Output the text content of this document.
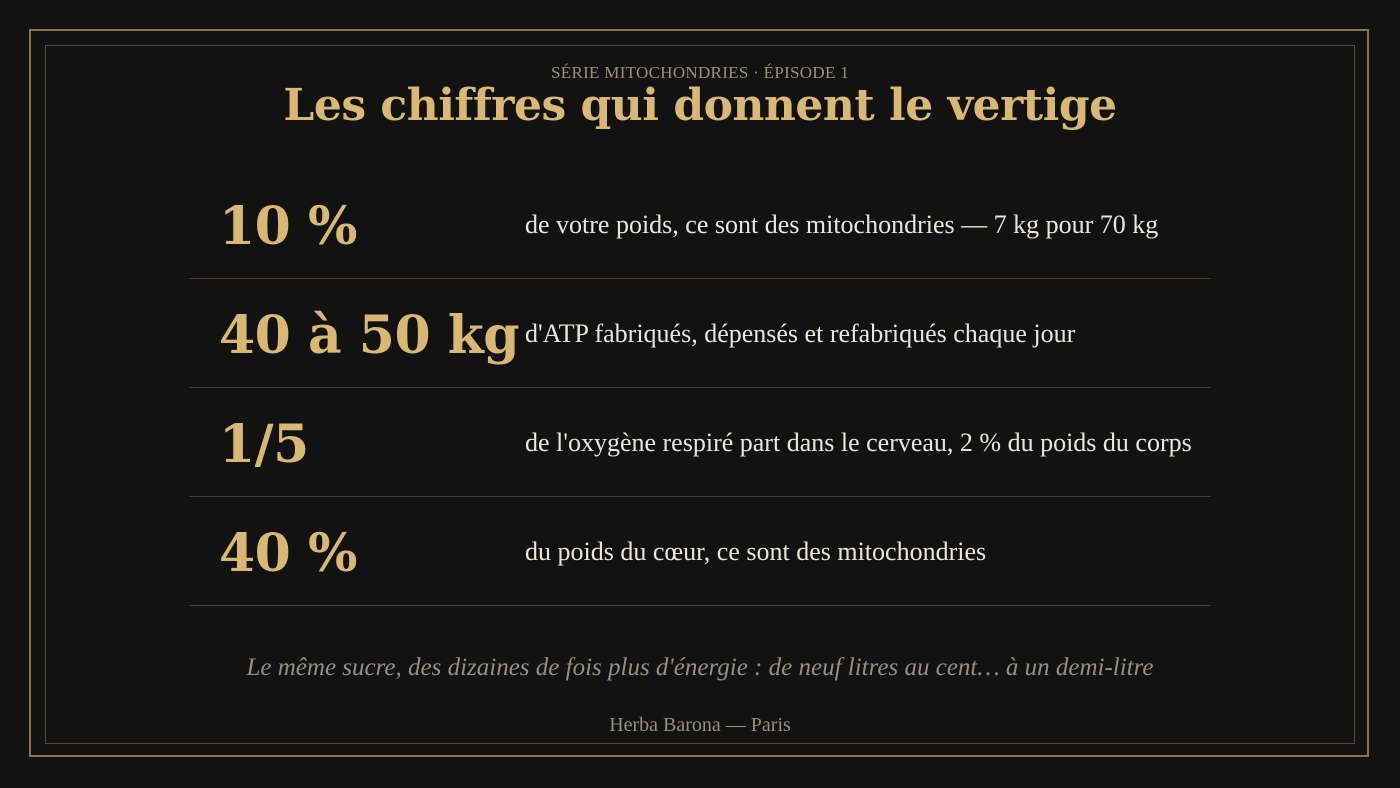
SÉRIE MITOCHONDRIES · ÉPISODE 1
Les chiffres qui donnent le vertige
10 %	de votre poids, ce sont des mitochondries — 7 kg pour 70 kg
40 à 50 kg d'ATP fabriqués, dépensés et refabriqués chaque jour
1/5	de l'oxygène respiré part dans le cerveau, 2 % du poids du corps
40 %	du poids du cœur, ce sont des mitochondries
Le même sucre, des dizaines de fois plus d'énergie : de neuf litres au cent… à un demi-litre
Herba Barona — Paris
